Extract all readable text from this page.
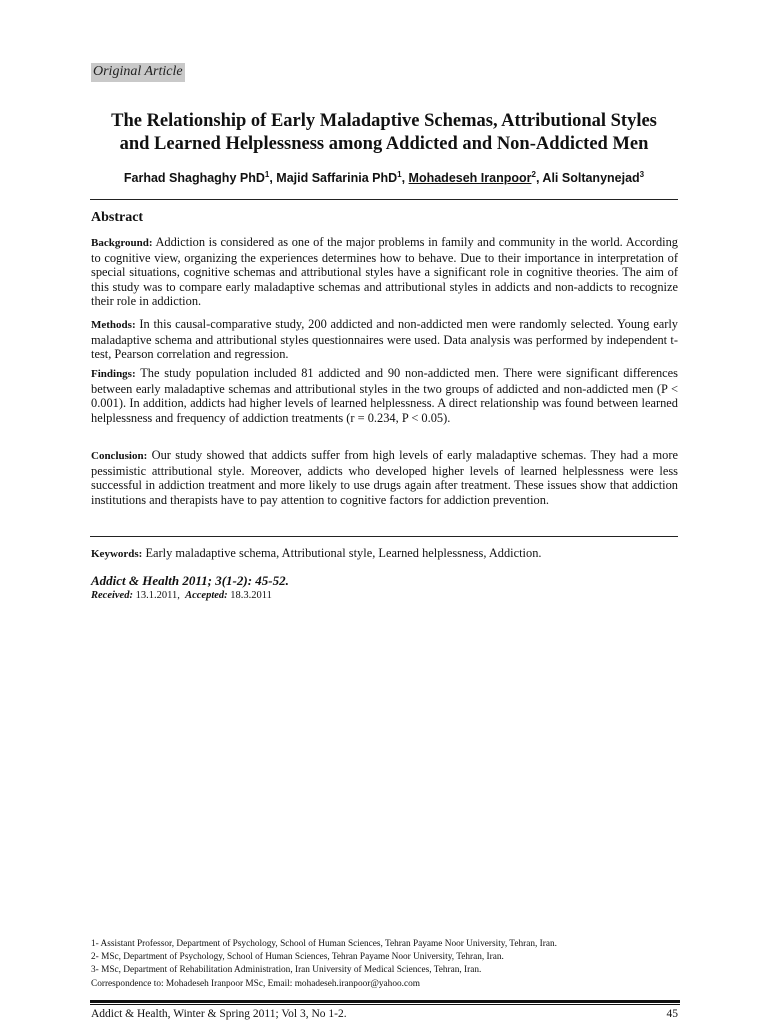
Original Article
The Relationship of Early Maladaptive Schemas, Attributional Styles
and Learned Helplessness among Addicted and Non-Addicted Men
Farhad Shaghaghy PhD$^1$, Majid Saffarinia PhD$^1$, Mohadeseh Iranpoor$^2$, Ali Soltanynejad$^3$
Abstract

Background: Addiction is considered as one of the major problems in family and community in the world. According to cognitive view, organizing the experiences determines how to behave. Due to their importance in interpretation of special situations, cognitive schemas and attributional styles have a significant role in cognitive theories. The aim of this study was to compare early maladaptive schemas and attributional styles in addicts and non-addicts to recognize their role in addiction.

Methods: In this causal-comparative study, 200 addicted and non-addicted men were randomly selected. Young early maladaptive schema and attributional styles questionnaires were used. Data analysis was performed by independent t-test, Pearson correlation and regression.

Findings: The study population included 81 addicted and 90 non-addicted men. There were significant differences between early maladaptive schemas and attributional styles in the two groups of addicted and non-addicted men (P < 0.001). In addition, addicts had higher levels of learned helplessness. A direct relationship was found between learned helplessness and frequency of addiction treatments (r = 0.234, P < 0.05).

Conclusion: Our study showed that addicts suffer from high levels of early maladaptive schemas. They had a more pessimistic attributional style. Moreover, addicts who developed higher levels of learned helplessness were less successful in addiction treatment and more likely to use drugs again after treatment. These issues show that addiction institutions and therapists have to pay attention to cognitive factors for addiction prevention.

Keywords: Early maladaptive schema, Attributional style, Learned helplessness, Addiction.
Addict & Health 2011; 3(1-2): 45-52.
Received: 13.1.2011, Accepted: 18.3.2011
1- Assistant Professor, Department of Psychology, School of Human Sciences, Tehran Payame Noor University, Tehran, Iran.
2- MSc, Department of Psychology, School of Human Sciences, Tehran Payame Noor University, Tehran, Iran.
3- MSc, Department of Rehabilitation Administration, Iran University of Medical Sciences, Tehran, Iran.
Correspondence to: Mohadeseh Iranpoor MSc, Email: mohadeseh.iranpoor@yahoo.com
Addict & Health, Winter & Spring 2011; Vol 3, No 1-2.	45
